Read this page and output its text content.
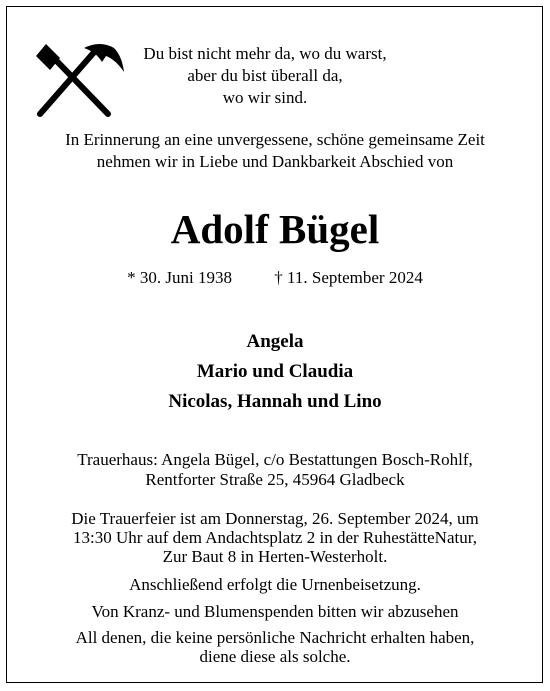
Du bist nicht mehr da, wo du warst,
aber du bist überall da,
wo wir sind.
In Erinnerung an eine unvergessene, schöne gemeinsame Zeit
nehmen wir in Liebe und Dankbarkeit Abschied von
Adolf Bügel
* 30. Juni 1938 † 11. September 2024
Angela
Mario und Claudia
Nicolas, Hannah und Lino
Trauerhaus: Angela Bügel, c/o Bestattungen Bosch-Rohlf,
Rentforter Straße 25, 45964 Gladbeck
Die Trauerfeier ist am Donnerstag, 26. September 2024, um
13:30 Uhr auf dem Andachtsplatz 2 in der RuhestätteNatur,
Zur Baut 8 in Herten-Westerholt.
Anschließend erfolgt die Urnenbeisetzung.
Von Kranz- und Blumenspenden bitten wir abzusehen
All denen, die keine persönliche Nachricht erhalten haben,
diene diese als solche.
